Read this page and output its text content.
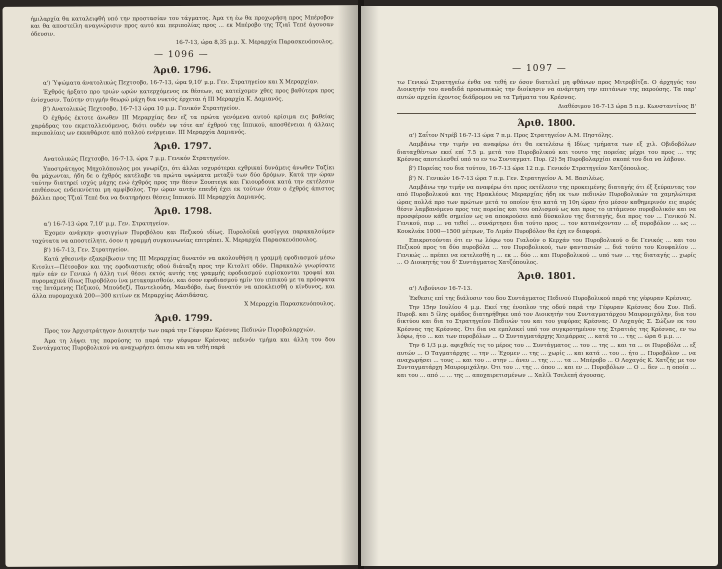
— 1096 —

ήμιλαρχία θα καταλειφθή υπό την προστασίαν του τάγματος. Άμα τη έω θα προχωρήση προς Μπέροβον και θα αποστείλη αναγνώρισιν προς αυτό και περιπολίας προς ... εκ Μπέροβο της Τζιαϊ Τεπέ άγουσαν όδευσιν.

16-7-13, ώρα 8,35 μ.μ. Χ. Μεραρχία Παρασκευόπουλος.
Άριθ. 1796.

α') Ύψώματα άνατολικώς Πεχτσοβο, 16-7-13, ώρα 9,10' μ.μ. Γεν. Στρατηγείον και Χ Μεραρχίαν.

Έχθρός ήρξατο προ τριών ωρών κατερχόμενος εκ θέσεων, ας κατείχομεν χθες προς βαθύτερα προς ένίσχυσιν. Ταύτην στιγμήν θεωρώ μάχη δια νυκτός έρχεται ή III Μεραρχία Κ. Δαμιανός.

β') Ανατολικώς Πεχτσοβο, 16-7-13 ώρα 10 μ.μ. Γενικόν Στρατηγείον.

Ό έχθρός έκτοτε άνωθεν III Μεραρχίας δεν εζ τα πρώτα γενόμενα αυτού κρίσιμα εις βαθείας χαράδρας του εκμεταλλευόμενος, διότι ουδέν υψ τότε απ' έχθρού της Ιππικού, αποσθένειαι ή άλλαις περιπολίαις ων εκκαθάρισε από πολλού ενέργειαν. III Μεραρχία Δαμιανός.

Άριθ. 1797.

Ανατολικώς Πεχτσοβο, 16-7-13, ώρα 7 μ.μ. Γενικόν Στρατηγείον.

Υποστράτηγος Μηχολόπουλος μοι γνωρίζει, ότι άλλαι ισχυρότεραι εχθρικαί δυνάμεις άνωθεν Ταζίκι θα μάχωνται, ήδη δε ο έχθρός κατέλαβε τα πρώτα υψώματα μεταξύ των δύο δρόμων. Κατά την ώραν ταύτην διατηρεί ισχύς μάχης ενώ έχθρός προς την θέσιν Σουπτεγκ και Γκιουρδουκ κατά την εκτέλεσιν επιθέσεως ενδεικνύεται μη αμφίβολος. Την ώραν αυτήν επειδή έχει εκ τούτων όταν ο έχθρός άπιστος βάλλει προς Τζιαϊ Τεπέ δια να διατηρήσει θέσεις Ιππικού. III Μεραρχία Δαμιανός.

Άριθ. 1798.

α') 16-7-13 ώρα 7,10' μ.μ. Γεν. Στρατηγείον.

Έχομεν ανάγκην φυσιγγίων Πυροβόλου και Πεζικού ιδίως. Πυρολοϊκά φυσίγγια παρακαλούμεν ταχύτατα να αποστείλητε, όσον η γραμμή συγκοινωνίας επιτρέπει. Χ. Μεραρχία Παρασκευόπουλος.

β') 16-7-13, Γεν. Στρατηγείον.

Κατά χθεσινήν εξακρίβωσιν της III Μεραρχίας δυνατόν να ακολουθήση η γραμμή εφοδιασμού μέσω Κιτσλιτ—Πέτσοβον και της εφοδιαστικής οδού διάταξη προς την Κιτσλιτ οδόν. Παρακαλώ γνωρίσατε ημίν εάν εν Γενικώ ή άλλη τινί θέσει εκτός αυτής της γραμμής εφοδιασμού ευρίσκονται τροφαί και πυρομαχικά ίδιως Πυροβόλου ίνα μετακομισθούν, και όσον εφοδιασμού ημίν του ιππικού με τα πρόσφατα της Ιπτάμενης Πεζικού, Μπούδεζί, Παντελούδη, Μανδόβο, έως δυνατόν να αποκλεισθή ο κίνδυνος, και άλλα πυρομαχικά 200—300 κιτίων εκ Μεραρχίας Δάσιδάσας.

Χ Μεραρχία Παρασκευόπουλος.
Άριθ. 1799.

Προς τον Άρχιστράτηγον Διοικητήν των παρά την Γέφυραν Κρέσνας Πεδινών Πυροβολαρχιών.

Άμα τη λήψει της παρούσης το παρά την γέφυραν Κρέσνας πεδινόν τμήμα και άλλη του δου Συντάγματος Πυροβολικού να αναχωρήσει όπισω και να τεθή παρά

— 1097 —

τω Γενικώ Στρατηγείω ένθα να τεθή εν όσον διατελεί μη φθάνων προς Μιτροβίτζα. Ο άρχηγός του Διοικητήν του αναδιδά προσωπικώς την διοίκησιν να ανάρτηση την επιτάνων της παρούσης. Τα παρ' αυτών αρχεία έχοντος διάδρομου να τα Τμήματα του Κρέσνας.

Διαθέσιμου 16-7-13 ώρα 5 π.μ. Κωνσταντίνος Β'
Άριθ. 1800.

α') Σαΐτον Ντρέβ 16-7-13 ώρα 7 π.μ. Προς Στρατηγείον Α.Μ. Πηστόλης.

Λαμβάνω την τιμήν να αναφέρω ότι θα εκτελέσω ή Ιδίως τμήματα των εξ χιλ. Οβιδοβόλων διαταχθέντων εκεί επί 7.5 μ. μετά του Πυροβολικού και τουτο της πορείας μέχρι του προς ... της Κρέσνας αποτελεσθεί υπό το εν τω Συνταγματ. Πυρ. (2) 5η Πυροβολαρχίαι σκοπέ του δια να λάβουν.

β') Πορείας του δια τούτου, 16-7-13 ώρα 12 π.μ. Γενικόν Στρατηγείον Χατζόπουλος.

β') Ν. Γενικών 16-7-13 ώρα 7 π.μ. Γεν. Στρατηγείον Α. Μ. Βασιλέως.

Λαμβάνω την τιμήν να αναφέρω ότι προς εκτέλεσιν της προκειμένης διαταγής ότι έξ ξεύραντας τον από Πυροβολικού και της Ηρακλέους Μεραρχίας ήδη εκ των πεδινών Πυροβολικών τα χαμηλώτερα ώρας πολλά προ των πρώτων μετά το οποίον ήτο κατά τη 10η ώραν ήτο μέσον καθημερινόν εις πυρός θέσιν λαμβανόμενο προς τας πορείας και του οπλισμού ως και προς το ιπτάμενον πυροβολικόν και να προσφέρουν κάθε σημείον ως να αποκρούσει από δύσκολου της διαταγής, δια προς τον ... Γενικού Ν. Γενικού, πυρ ... να τεθεί ... συνάρτησει δια τούτο προς ... τον κατανέχονταν ... εξ πυροβόλον ... ως ... Κουκλιάκ 1000—1500 μέτρων, Το Λιμάν Πυροβόλον θα έχη εν διαφορά.

Επικροτούνται ότι εν τω λόφω του Γιαλούν ο Κερχάν του Πυροβολικού ο δε Γενικός ... και του Πεζικού προς τα δύο πυροβόλα ... του Πυροβολικού, των φαντασιών ... διά τούτο του Κουφαλίου ... Γενικώς ... πρέπει να εκτελεσθή η ... εκ ... δύο ... και Πυροβολικού ... υπό των ... της διαταγής ... χωρίς ... Ο Διοικητής του δ' Συντάγματος Χατζόπουλος.

Άριθ. 1801.

α') Λιβούνιον 16-7-13.

Έκθεσις επί της διάλυσιν του δου Συντάγματος Πεδινού Πυροβολικού παρά της γέφυραν Κρέσνας.

Την 15ην Ιουλίου 4 μ.μ. Εκεί της ένοπλον της οδού παρά την Γέφυραν Κρέσνας δου Συν. Πεδ. Πυροβ. και 5 ίλης ομάδος διατηρήθηκε υπό τον Διοικητήν του Συνταγματάρχου Μαυρομιχάλην, δια του δικτύου και δια το Στρατηγείου Πεδινών του και του γεφύρας Κρέσνας. Ο Λοχαγός Σ. Σώζων εκ του Κρέσνας της Κρέσνας. Ότι δια να εμπλακεί υπό τον συγκροτημένον της Στρατιάς της Κρέσνας, εν τω λόφω, ήτο ... και των πυροβόλων ... Ο Συνταγματάρχης Χειμάρρας ... κατά το ... της ... ώρα 6 μ.μ. ...

Την 6 1/3 μ.μ. αφιχθείς τις το μέρος του ... Συντάγματος ... του ... της ... και τα ... οι Πυροβόλα ... εξ αυτών ... Ο Ταγματάρχης ... την ... Έχομεν ... της ... χωρίς ... και κατά ... του ... ήτο ... Πυροβόλον ... να αναχωρήσει ... τους ... και του ... στην ... άνευ ... της ... ... τα ... Μπέροβο ... Ο Λοχαγός Κ. Χατζής με τον Συνταγματάρχη Μαυρομιχάλην. Ότι του ... της ... όπου ... και εν ... Πυροβόλων ... Ο ... δεν ... η οποία ... και του ... από ... ... της ... αποχαιρετισμένων ... Χαλίλ Τσελεπή άγουσας.
